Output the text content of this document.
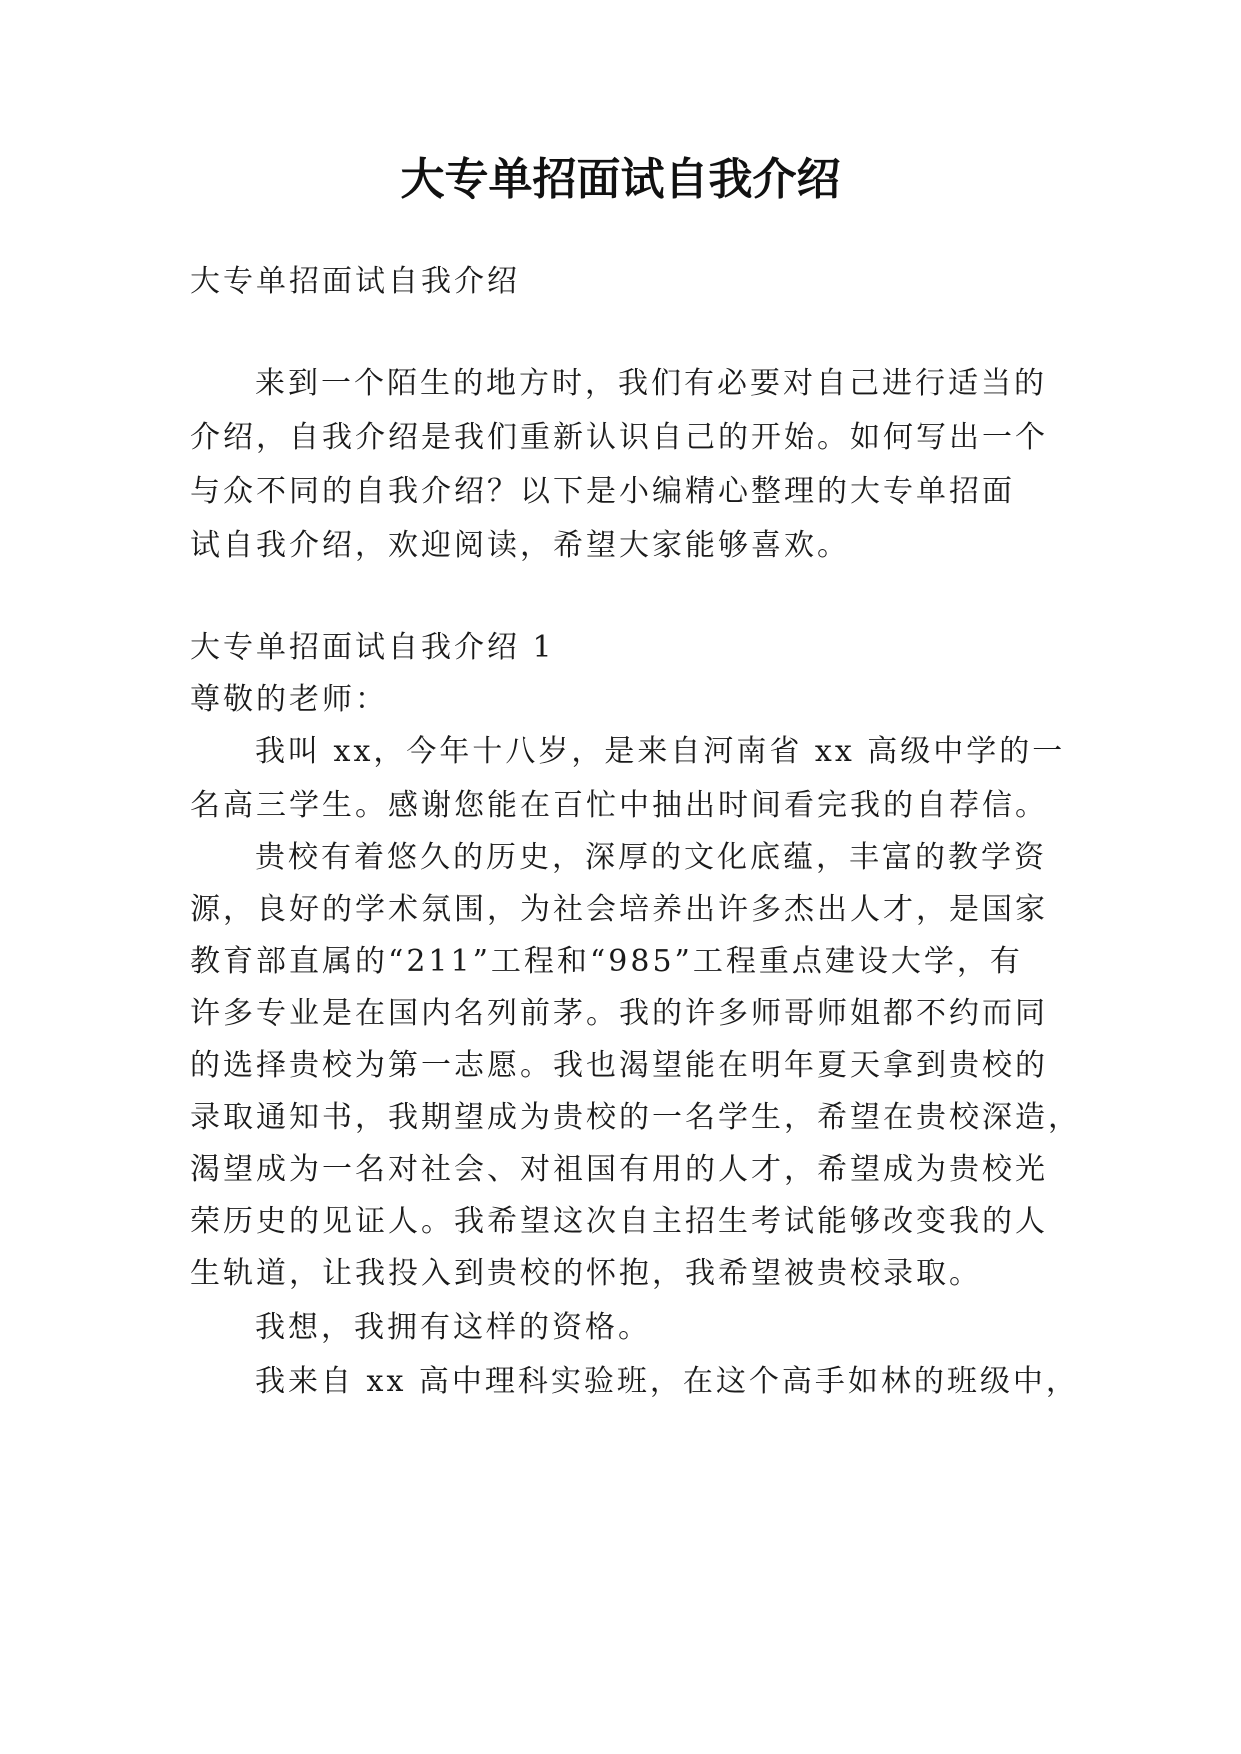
大专单招面试自我介绍
大专单招面试自我介绍
来到一个陌生的地方时，我们有必要对自己进行适当的
介绍，自我介绍是我们重新认识自己的开始。如何写出一个
与众不同的自我介绍？以下是小编精心整理的大专单招面
试自我介绍，欢迎阅读，希望大家能够喜欢。
大专单招面试自我介绍 1
尊敬的老师：
我叫 xx，今年十八岁，是来自河南省 xx 高级中学的一
名高三学生。感谢您能在百忙中抽出时间看完我的自荐信。
贵校有着悠久的历史，深厚的文化底蕴，丰富的教学资
源，良好的学术氛围，为社会培养出许多杰出人才，是国家
教育部直属的“211”工程和“985”工程重点建设大学，有
许多专业是在国内名列前茅。我的许多师哥师姐都不约而同
的选择贵校为第一志愿。我也渴望能在明年夏天拿到贵校的
录取通知书，我期望成为贵校的一名学生，希望在贵校深造，
渴望成为一名对社会、对祖国有用的人才，希望成为贵校光
荣历史的见证人。我希望这次自主招生考试能够改变我的人
生轨道，让我投入到贵校的怀抱，我希望被贵校录取。
我想，我拥有这样的资格。
我来自 xx 高中理科实验班，在这个高手如林的班级中，
